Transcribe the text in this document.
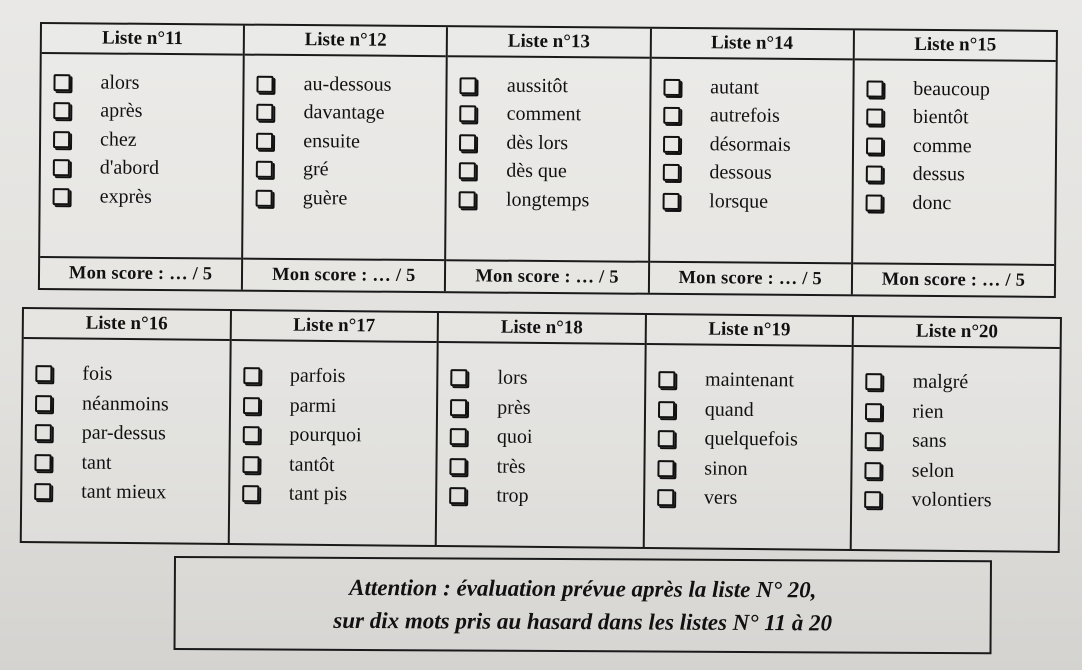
Liste n°11
alors
après
chez
d'abord
exprès
Mon score : … / 5
Liste n°12
au-dessous
davantage
ensuite
gré
guère
Mon score : … / 5
Liste n°13
aussitôt
comment
dès lors
dès que
longtemps
Mon score : … / 5
Liste n°14
autant
autrefois
désormais
dessous
lorsque
Mon score : … / 5
Liste n°15
beaucoup
bientôt
comme
dessus
donc
Mon score : … / 5
Liste n°16
fois
néanmoins
par-dessus
tant
tant mieux
Liste n°17
parfois
parmi
pourquoi
tantôt
tant pis
Liste n°18
lors
près
quoi
très
trop
Liste n°19
maintenant
quand
quelquefois
sinon
vers
Liste n°20
malgré
rien
sans
selon
volontiers
Attention : évaluation prévue après la liste N° 20,
sur dix mots pris au hasard dans les listes N° 11 à 20
